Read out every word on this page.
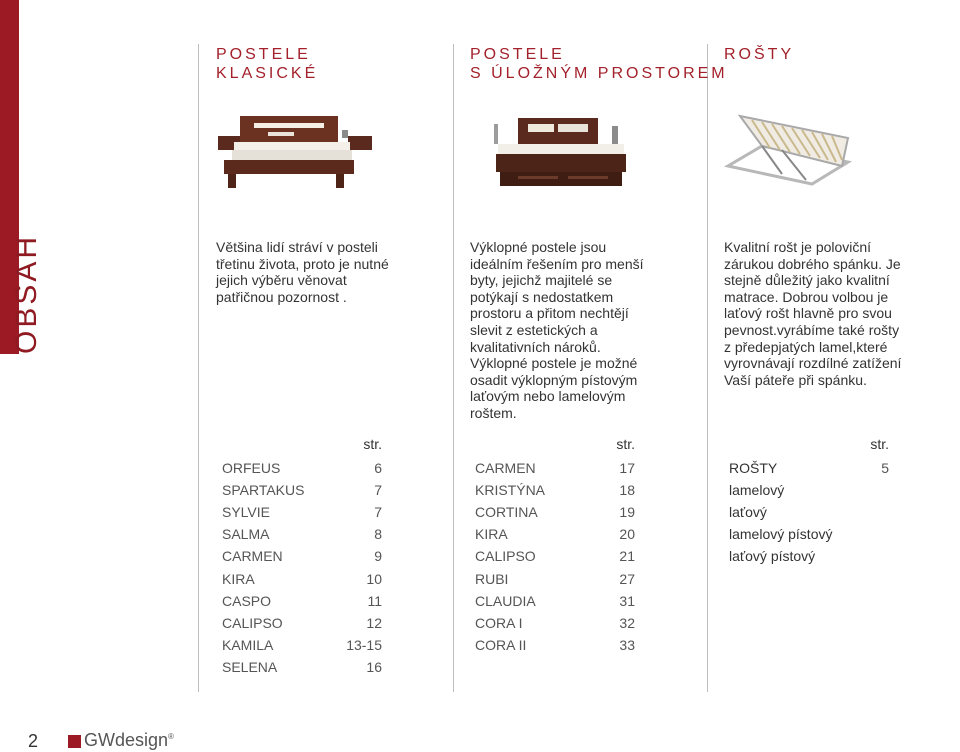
OBSAH
POSTELE
KLASICKÉ
Většina lidí stráví v posteli třetinu života, proto je nutné jejich výběru věnovat patřičnou pozornost .
str.
ORFEUS	6
SPARTAKUS	7
SYLVIE	7
SALMA	8
CARMEN	9
KIRA	10
CASPO	11
CALIPSO	12
KAMILA	13-15
SELENA	16
POSTELE
S ÚLOŽNÝM PROSTOREM
Výklopné postele jsou ideálním řešením pro menší byty, jejichž majitelé se potýkají s nedostatkem prostoru a přitom nechtějí slevit z estetických a kvalitativních nároků. Výklopné postele je možné osadit výklopným pístovým laťovým nebo lamelovým roštem.
str.
CARMEN	17
KRISTÝNA	18
CORTINA	19
KIRA	20
CALIPSO	21
RUBI	27
CLAUDIA	31
CORA I	32
CORA II	33
ROŠTY
Kvalitní rošt je poloviční zárukou dobrého spánku. Je stejně důležitý jako kvalitní matrace. Dobrou volbou je laťový rošt hlavně pro svou pevnost.vyrábíme také rošty z předepjatých lamel,které vyrovnávají rozdílné zatížení Vaší páteře při spánku.
str.
ROŠTY	5
lamelový
laťový
lamelový pístový
laťový pístový
2	GWdesign®
